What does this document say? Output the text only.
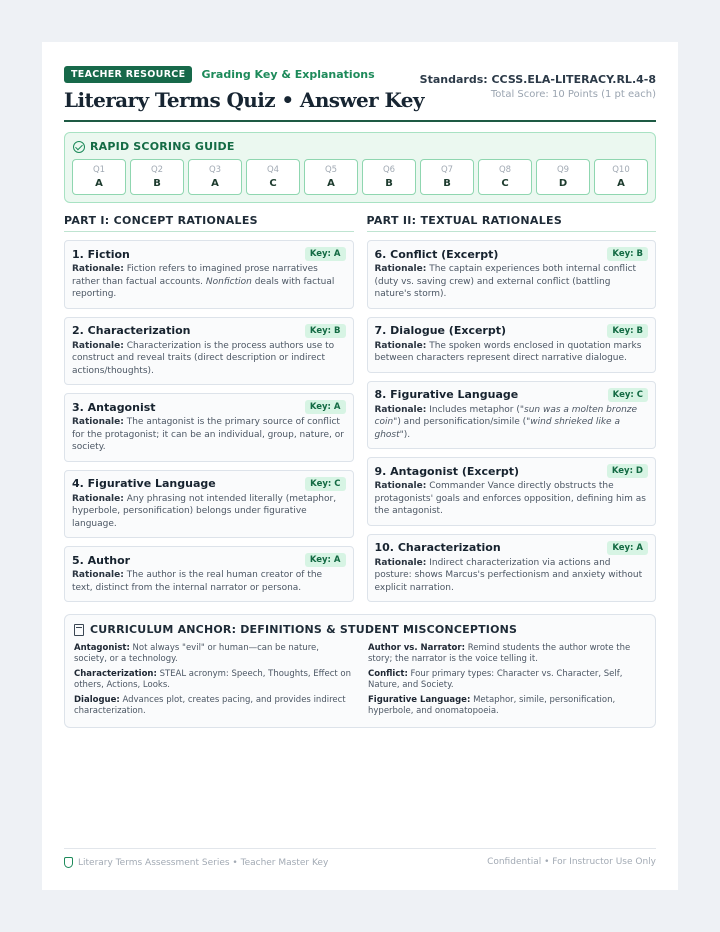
TEACHER RESOURCE Grading Key & Explanations
Literary Terms Quiz • Answer Key
Standards: CCSS.ELA-LITERACY.RL.4-8
Total Score: 10 Points (1 pt each)
RAPID SCORING GUIDE
Q1
A
Q2
B
Q3
A
Q4
C
Q5
A
Q6
B
Q7
B
Q8
C
Q9
D
Q10
A
PART I: CONCEPT RATIONALES
1. Fiction	Key: A
Rationale: Fiction refers to imagined prose narratives rather than factual accounts. Nonfiction deals with factual reporting.
2. Characterization	Key: B
Rationale: Characterization is the process authors use to construct and reveal traits (direct description or indirect actions/thoughts).
3. Antagonist	Key: A
Rationale: The antagonist is the primary source of conflict for the protagonist; it can be an individual, group, nature, or society.
4. Figurative Language	Key: C
Rationale: Any phrasing not intended literally (metaphor, hyperbole, personification) belongs under figurative language.
5. Author	Key: A
Rationale: The author is the real human creator of the text, distinct from the internal narrator or persona.
PART II: TEXTUAL RATIONALES
6. Conflict (Excerpt)	Key: B
Rationale: The captain experiences both internal conflict (duty vs. saving crew) and external conflict (battling nature's storm).
7. Dialogue (Excerpt)	Key: B
Rationale: The spoken words enclosed in quotation marks between characters represent direct narrative dialogue.
8. Figurative Language	Key: C
Rationale: Includes metaphor ("sun was a molten bronze coin") and personification/simile ("wind shrieked like a ghost").
9. Antagonist (Excerpt)	Key: D
Rationale: Commander Vance directly obstructs the protagonists' goals and enforces opposition, defining him as the antagonist.
10. Characterization	Key: A
Rationale: Indirect characterization via actions and posture: shows Marcus's perfectionism and anxiety without explicit narration.
CURRICULUM ANCHOR: DEFINITIONS & STUDENT MISCONCEPTIONS
Antagonist: Not always "evil" or human—can be nature, society, or a technology.
Author vs. Narrator: Remind students the author wrote the story; the narrator is the voice telling it.
Characterization: STEAL acronym: Speech, Thoughts, Effect on others, Actions, Looks.
Conflict: Four primary types: Character vs. Character, Self, Nature, and Society.
Dialogue: Advances plot, creates pacing, and provides indirect characterization.
Figurative Language: Metaphor, simile, personification, hyperbole, and onomatopoeia.
Literary Terms Assessment Series • Teacher Master Key	Confidential • For Instructor Use Only
